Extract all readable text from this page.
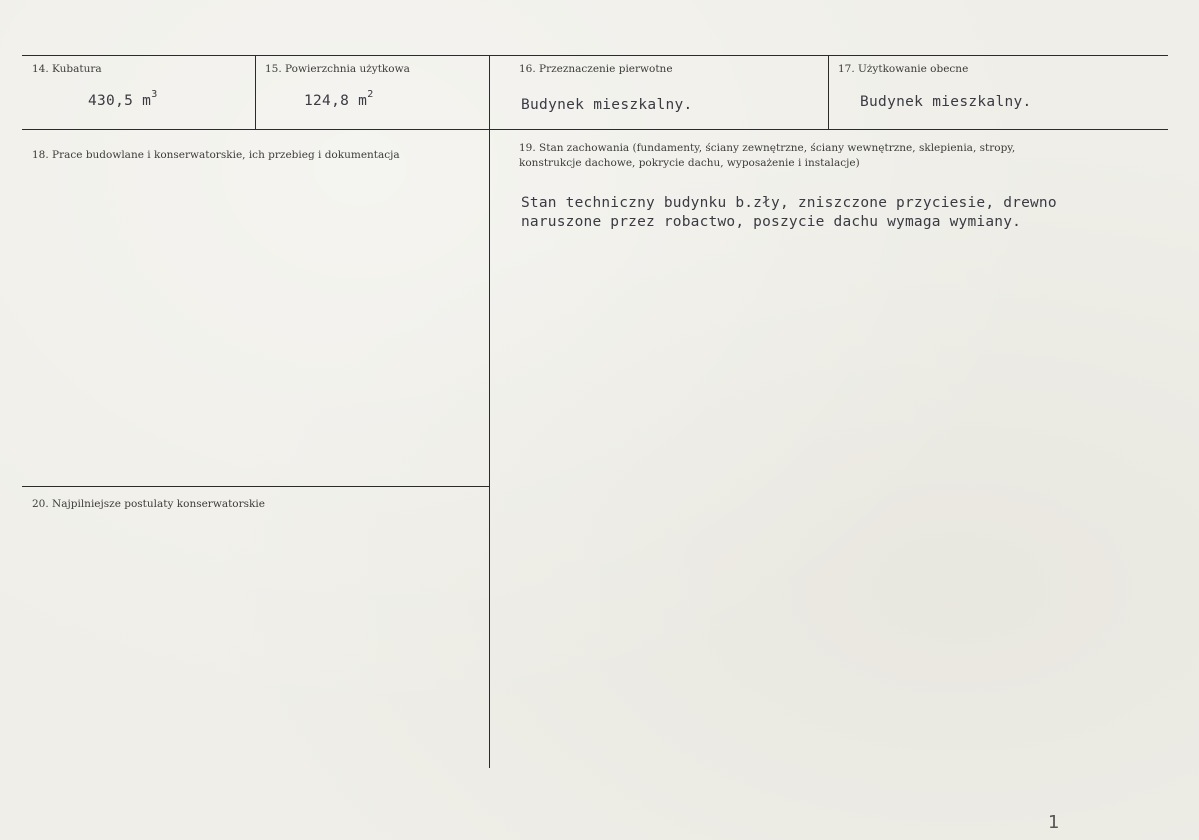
14. Kubatura
430,5 $m^3$
15. Powierzchnia użytkowa
124,8 $m^2$
16. Przeznaczenie pierwotne
Budynek mieszkalny.
17. Użytkowanie obecne
Budynek mieszkalny.
18. Prace budowlane i konserwatorskie, ich przebieg i dokumentacja
19. Stan zachowania (fundamenty, ściany zewnętrzne, ściany wewnętrzne, sklepienia, stropy,
konstrukcje dachowe, pokrycie dachu, wyposażenie i instalacje)
Stan techniczny budynku b.zły, zniszczone przyciesie, drewno
naruszone przez robactwo, poszycie dachu wymaga wymiany.
20. Najpilniejsze postulaty konserwatorskie
1
